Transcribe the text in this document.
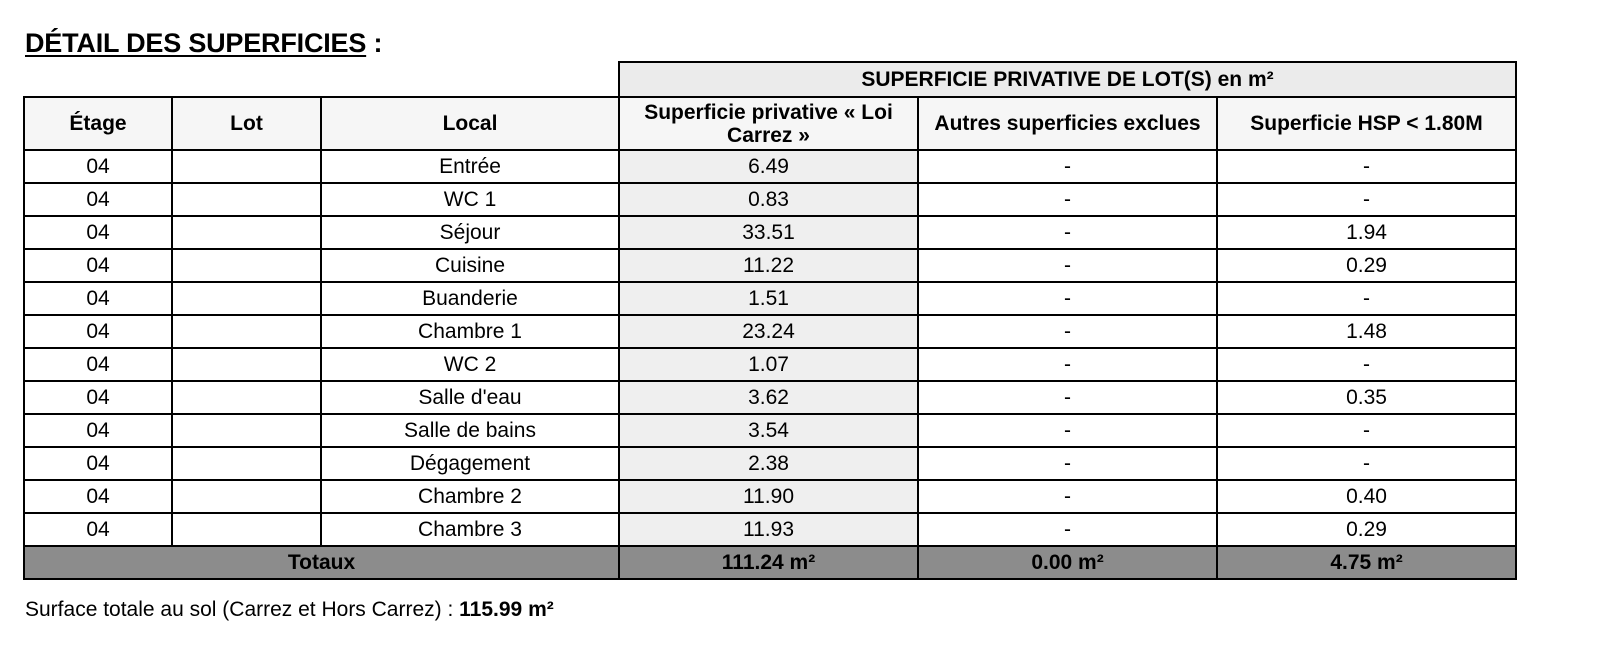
DÉTAIL DES SUPERFICIES :
			SUPERFICIE PRIVATIVE DE LOT(S) en m²		
Étage	Lot	Local	Superficie privative « Loi Carrez »	Autres superficies exclues	Superficie HSP < 1.80M
04		Entrée	6.49	-	-
04		WC 1	0.83	-	-
04		Séjour	33.51	-	1.94
04		Cuisine	11.22	-	0.29
04		Buanderie	1.51	-	-
04		Chambre 1	23.24	-	1.48
04		WC 2	1.07	-	-
04		Salle d'eau	3.62	-	0.35
04		Salle de bains	3.54	-	-
04		Dégagement	2.38	-	-
04		Chambre 2	11.90	-	0.40
04		Chambre 3	11.93	-	0.29
Totaux			111.24 m²	0.00 m²	4.75 m²
Surface totale au sol (Carrez et Hors Carrez) : 115.99 m²
